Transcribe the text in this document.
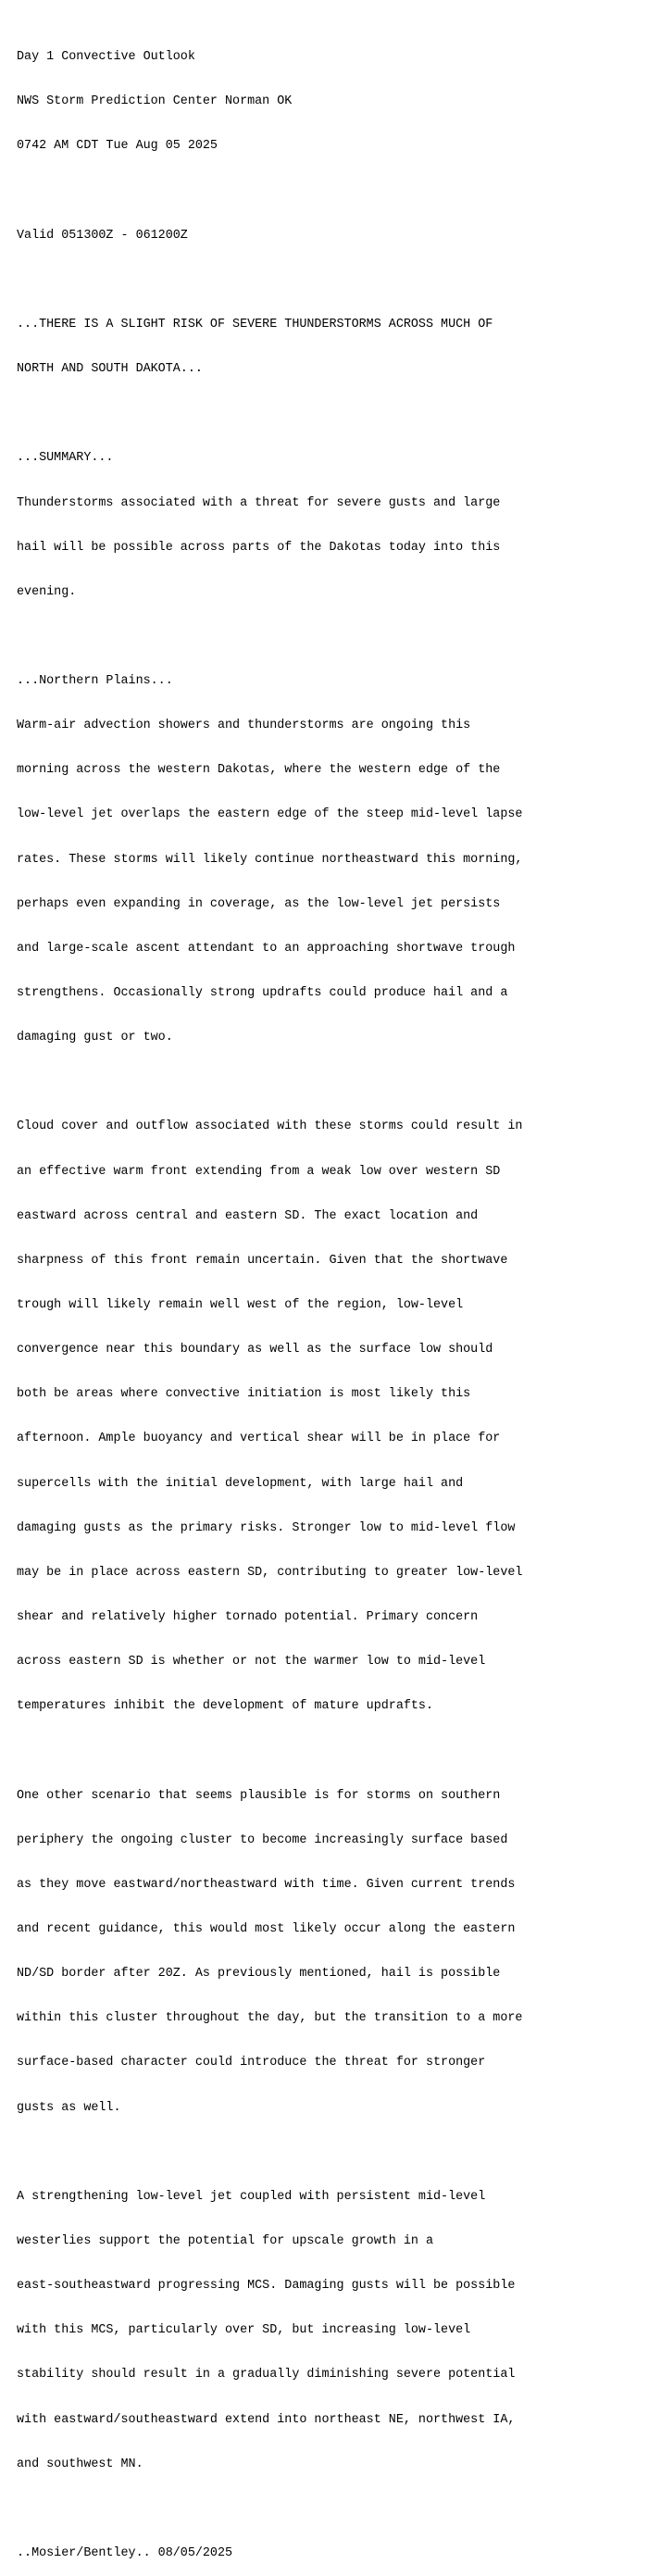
Day 1 Convective Outlook

NWS Storm Prediction Center Norman OK

0742 AM CDT Tue Aug 05 2025

Valid 051300Z - 061200Z

...THERE IS A SLIGHT RISK OF SEVERE THUNDERSTORMS ACROSS MUCH OF

NORTH AND SOUTH DAKOTA...

...SUMMARY...

Thunderstorms associated with a threat for severe gusts and large

hail will be possible across parts of the Dakotas today into this

evening.

...Northern Plains...

Warm-air advection showers and thunderstorms are ongoing this

morning across the western Dakotas, where the western edge of the

low-level jet overlaps the eastern edge of the steep mid-level lapse

rates. These storms will likely continue northeastward this morning,

perhaps even expanding in coverage, as the low-level jet persists

and large-scale ascent attendant to an approaching shortwave trough

strengthens. Occasionally strong updrafts could produce hail and a

damaging gust or two.

Cloud cover and outflow associated with these storms could result in

an effective warm front extending from a weak low over western SD

eastward across central and eastern SD. The exact location and

sharpness of this front remain uncertain. Given that the shortwave

trough will likely remain well west of the region, low-level

convergence near this boundary as well as the surface low should

both be areas where convective initiation is most likely this

afternoon. Ample buoyancy and vertical shear will be in place for

supercells with the initial development, with large hail and

damaging gusts as the primary risks. Stronger low to mid-level flow

may be in place across eastern SD, contributing to greater low-level

shear and relatively higher tornado potential. Primary concern

across eastern SD is whether or not the warmer low to mid-level

temperatures inhibit the development of mature updrafts.

One other scenario that seems plausible is for storms on southern

periphery the ongoing cluster to become increasingly surface based

as they move eastward/northeastward with time. Given current trends

and recent guidance, this would most likely occur along the eastern

ND/SD border after 20Z. As previously mentioned, hail is possible

within this cluster throughout the day, but the transition to a more

surface-based character could introduce the threat for stronger

gusts as well.

A strengthening low-level jet coupled with persistent mid-level

westerlies support the potential for upscale growth in a

east-southeastward progressing MCS. Damaging gusts will be possible

with this MCS, particularly over SD, but increasing low-level

stability should result in a gradually diminishing severe potential

with eastward/southeastward extend into northeast NE, northwest IA,

and southwest MN.

..Mosier/Bentley.. 08/05/2025
